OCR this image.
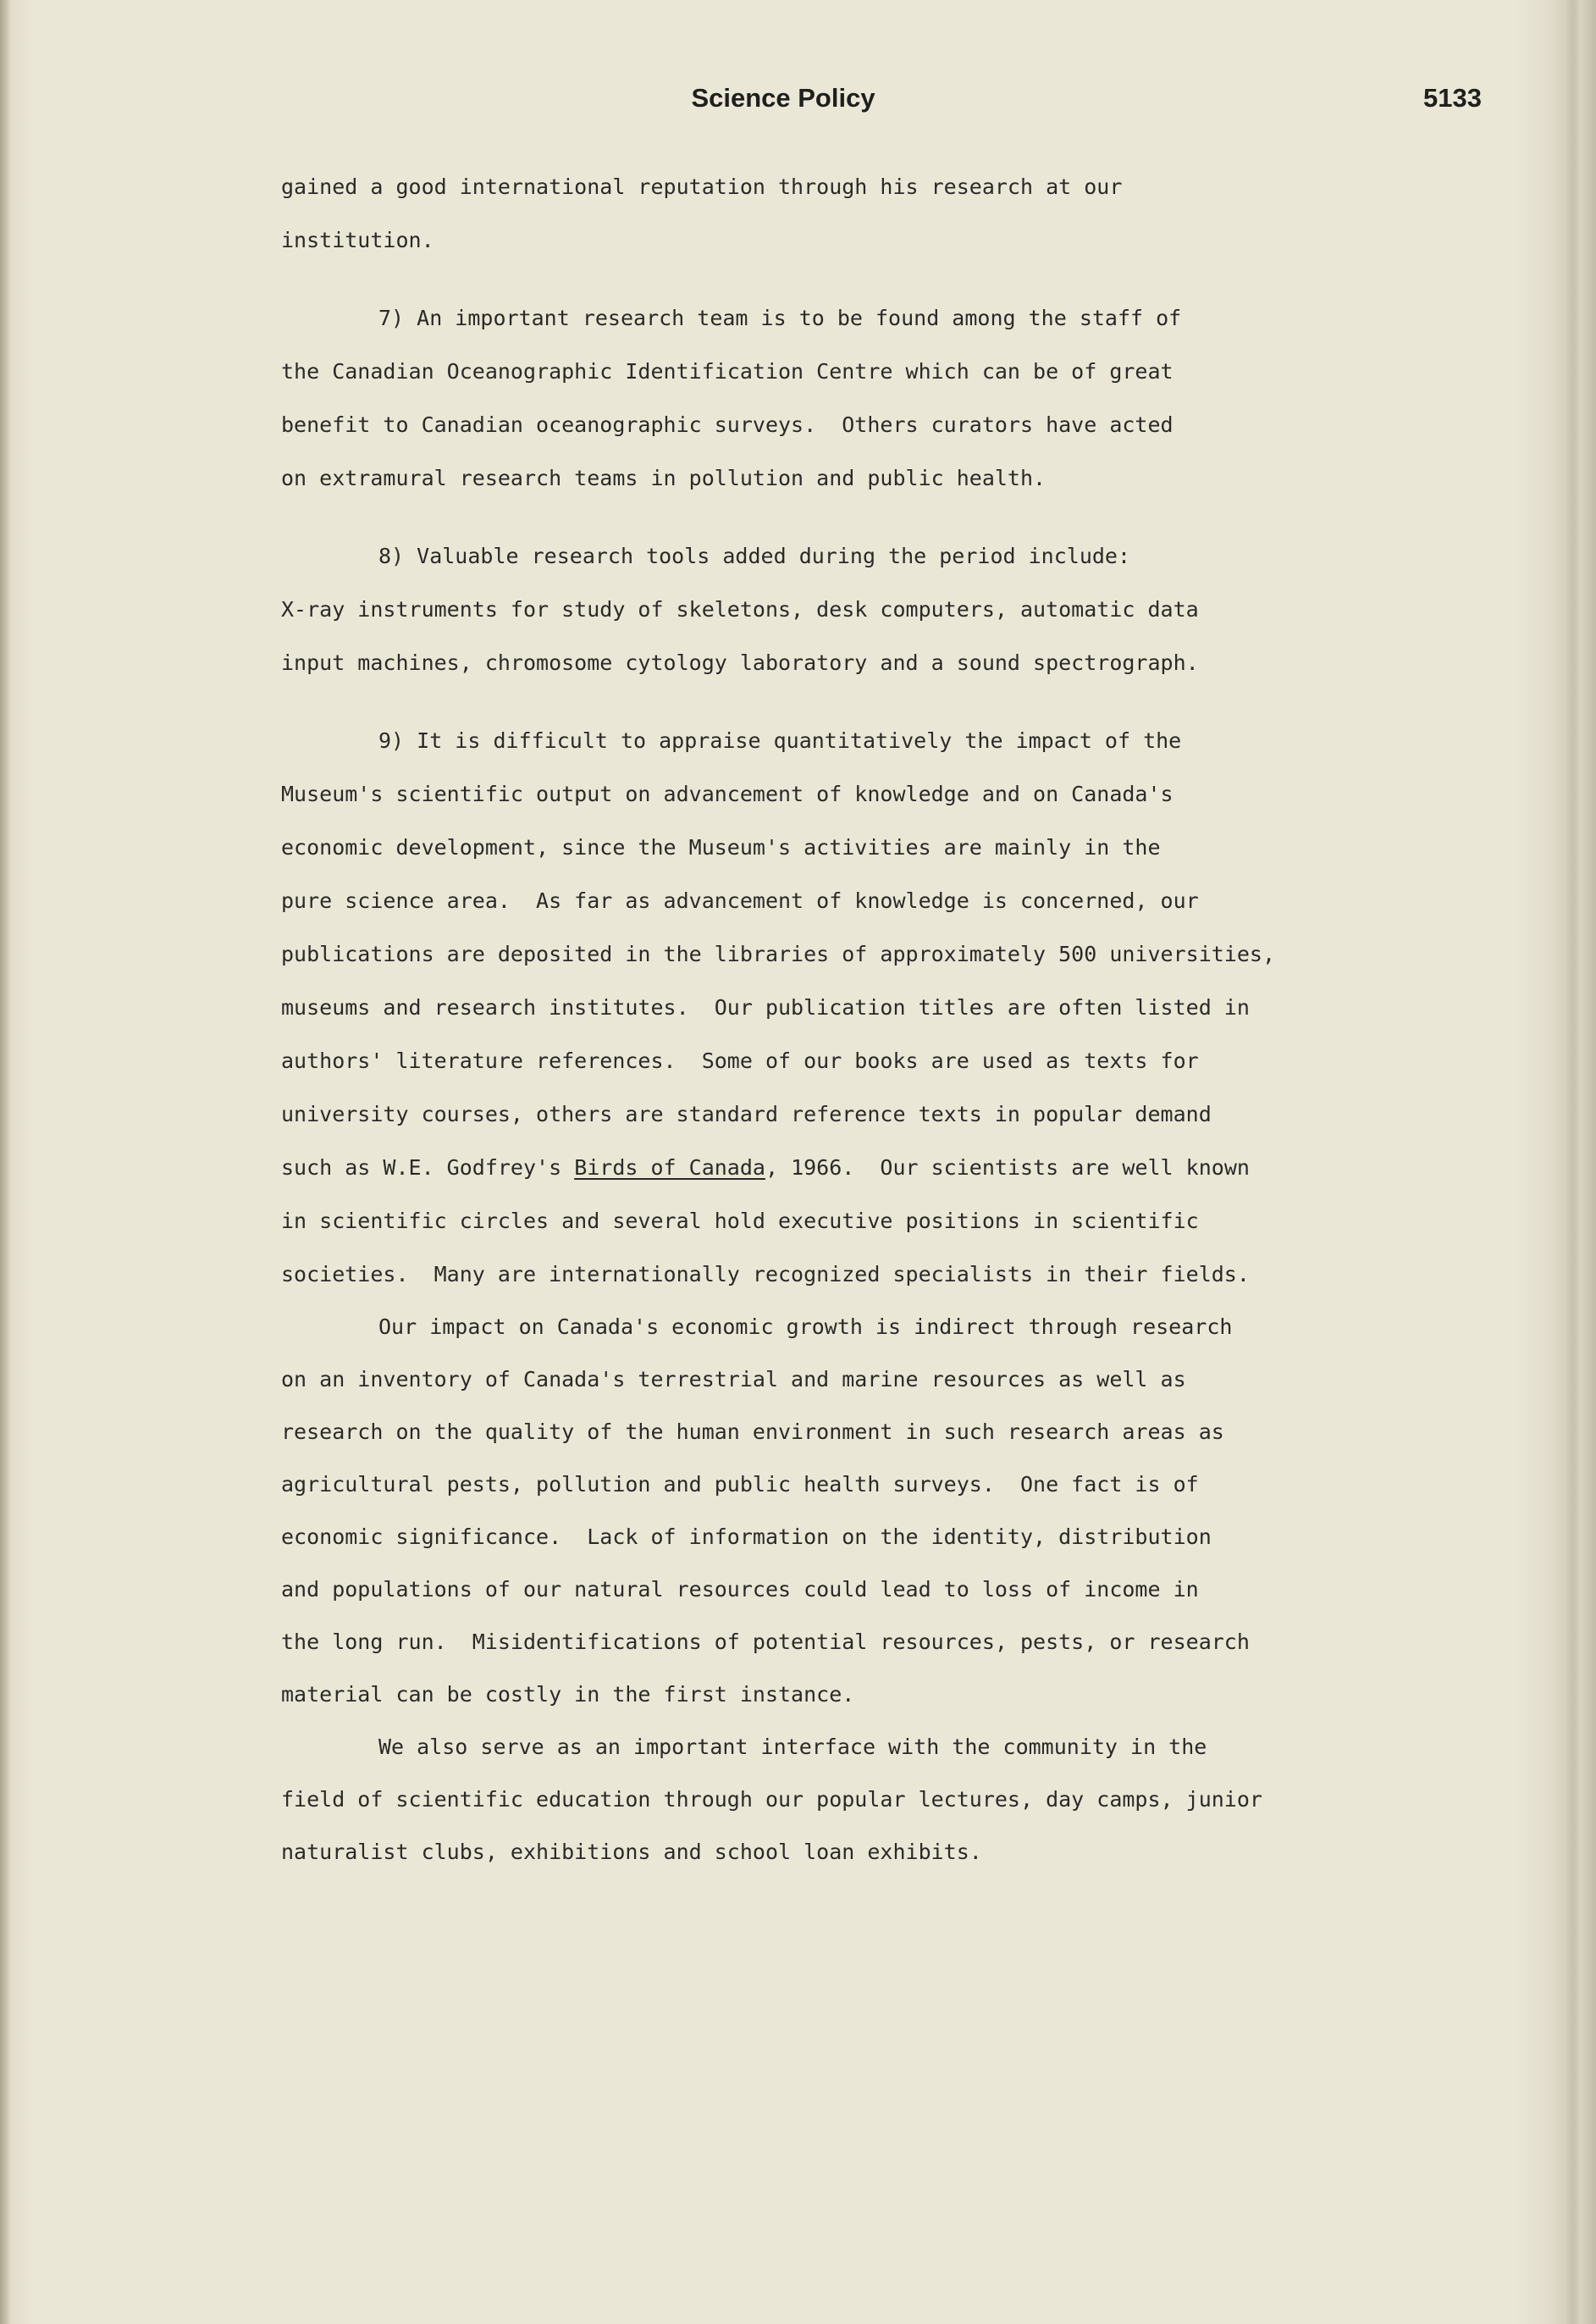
Science Policy	5133
gained a good international reputation through his research at our
institution.
7) An important research team is to be found among the staff of
the Canadian Oceanographic Identification Centre which can be of great
benefit to Canadian oceanographic surveys.  Others curators have acted
on extramural research teams in pollution and public health.
8) Valuable research tools added during the period include:
X-ray instruments for study of skeletons, desk computers, automatic data
input machines, chromosome cytology laboratory and a sound spectrograph.
9) It is difficult to appraise quantitatively the impact of the
Museum's scientific output on advancement of knowledge and on Canada's
economic development, since the Museum's activities are mainly in the
pure science area.  As far as advancement of knowledge is concerned, our
publications are deposited in the libraries of approximately 500 universities,
museums and research institutes.  Our publication titles are often listed in
authors' literature references.  Some of our books are used as texts for
university courses, others are standard reference texts in popular demand
such as W.E. Godfrey's Birds of Canada, 1966.  Our scientists are well known
in scientific circles and several hold executive positions in scientific
societies.  Many are internationally recognized specialists in their fields.
Our impact on Canada's economic growth is indirect through research
on an inventory of Canada's terrestrial and marine resources as well as
research on the quality of the human environment in such research areas as
agricultural pests, pollution and public health surveys.  One fact is of
economic significance.  Lack of information on the identity, distribution
and populations of our natural resources could lead to loss of income in
the long run.  Misidentifications of potential resources, pests, or research
material can be costly in the first instance.
We also serve as an important interface with the community in the
field of scientific education through our popular lectures, day camps, junior
naturalist clubs, exhibitions and school loan exhibits.
